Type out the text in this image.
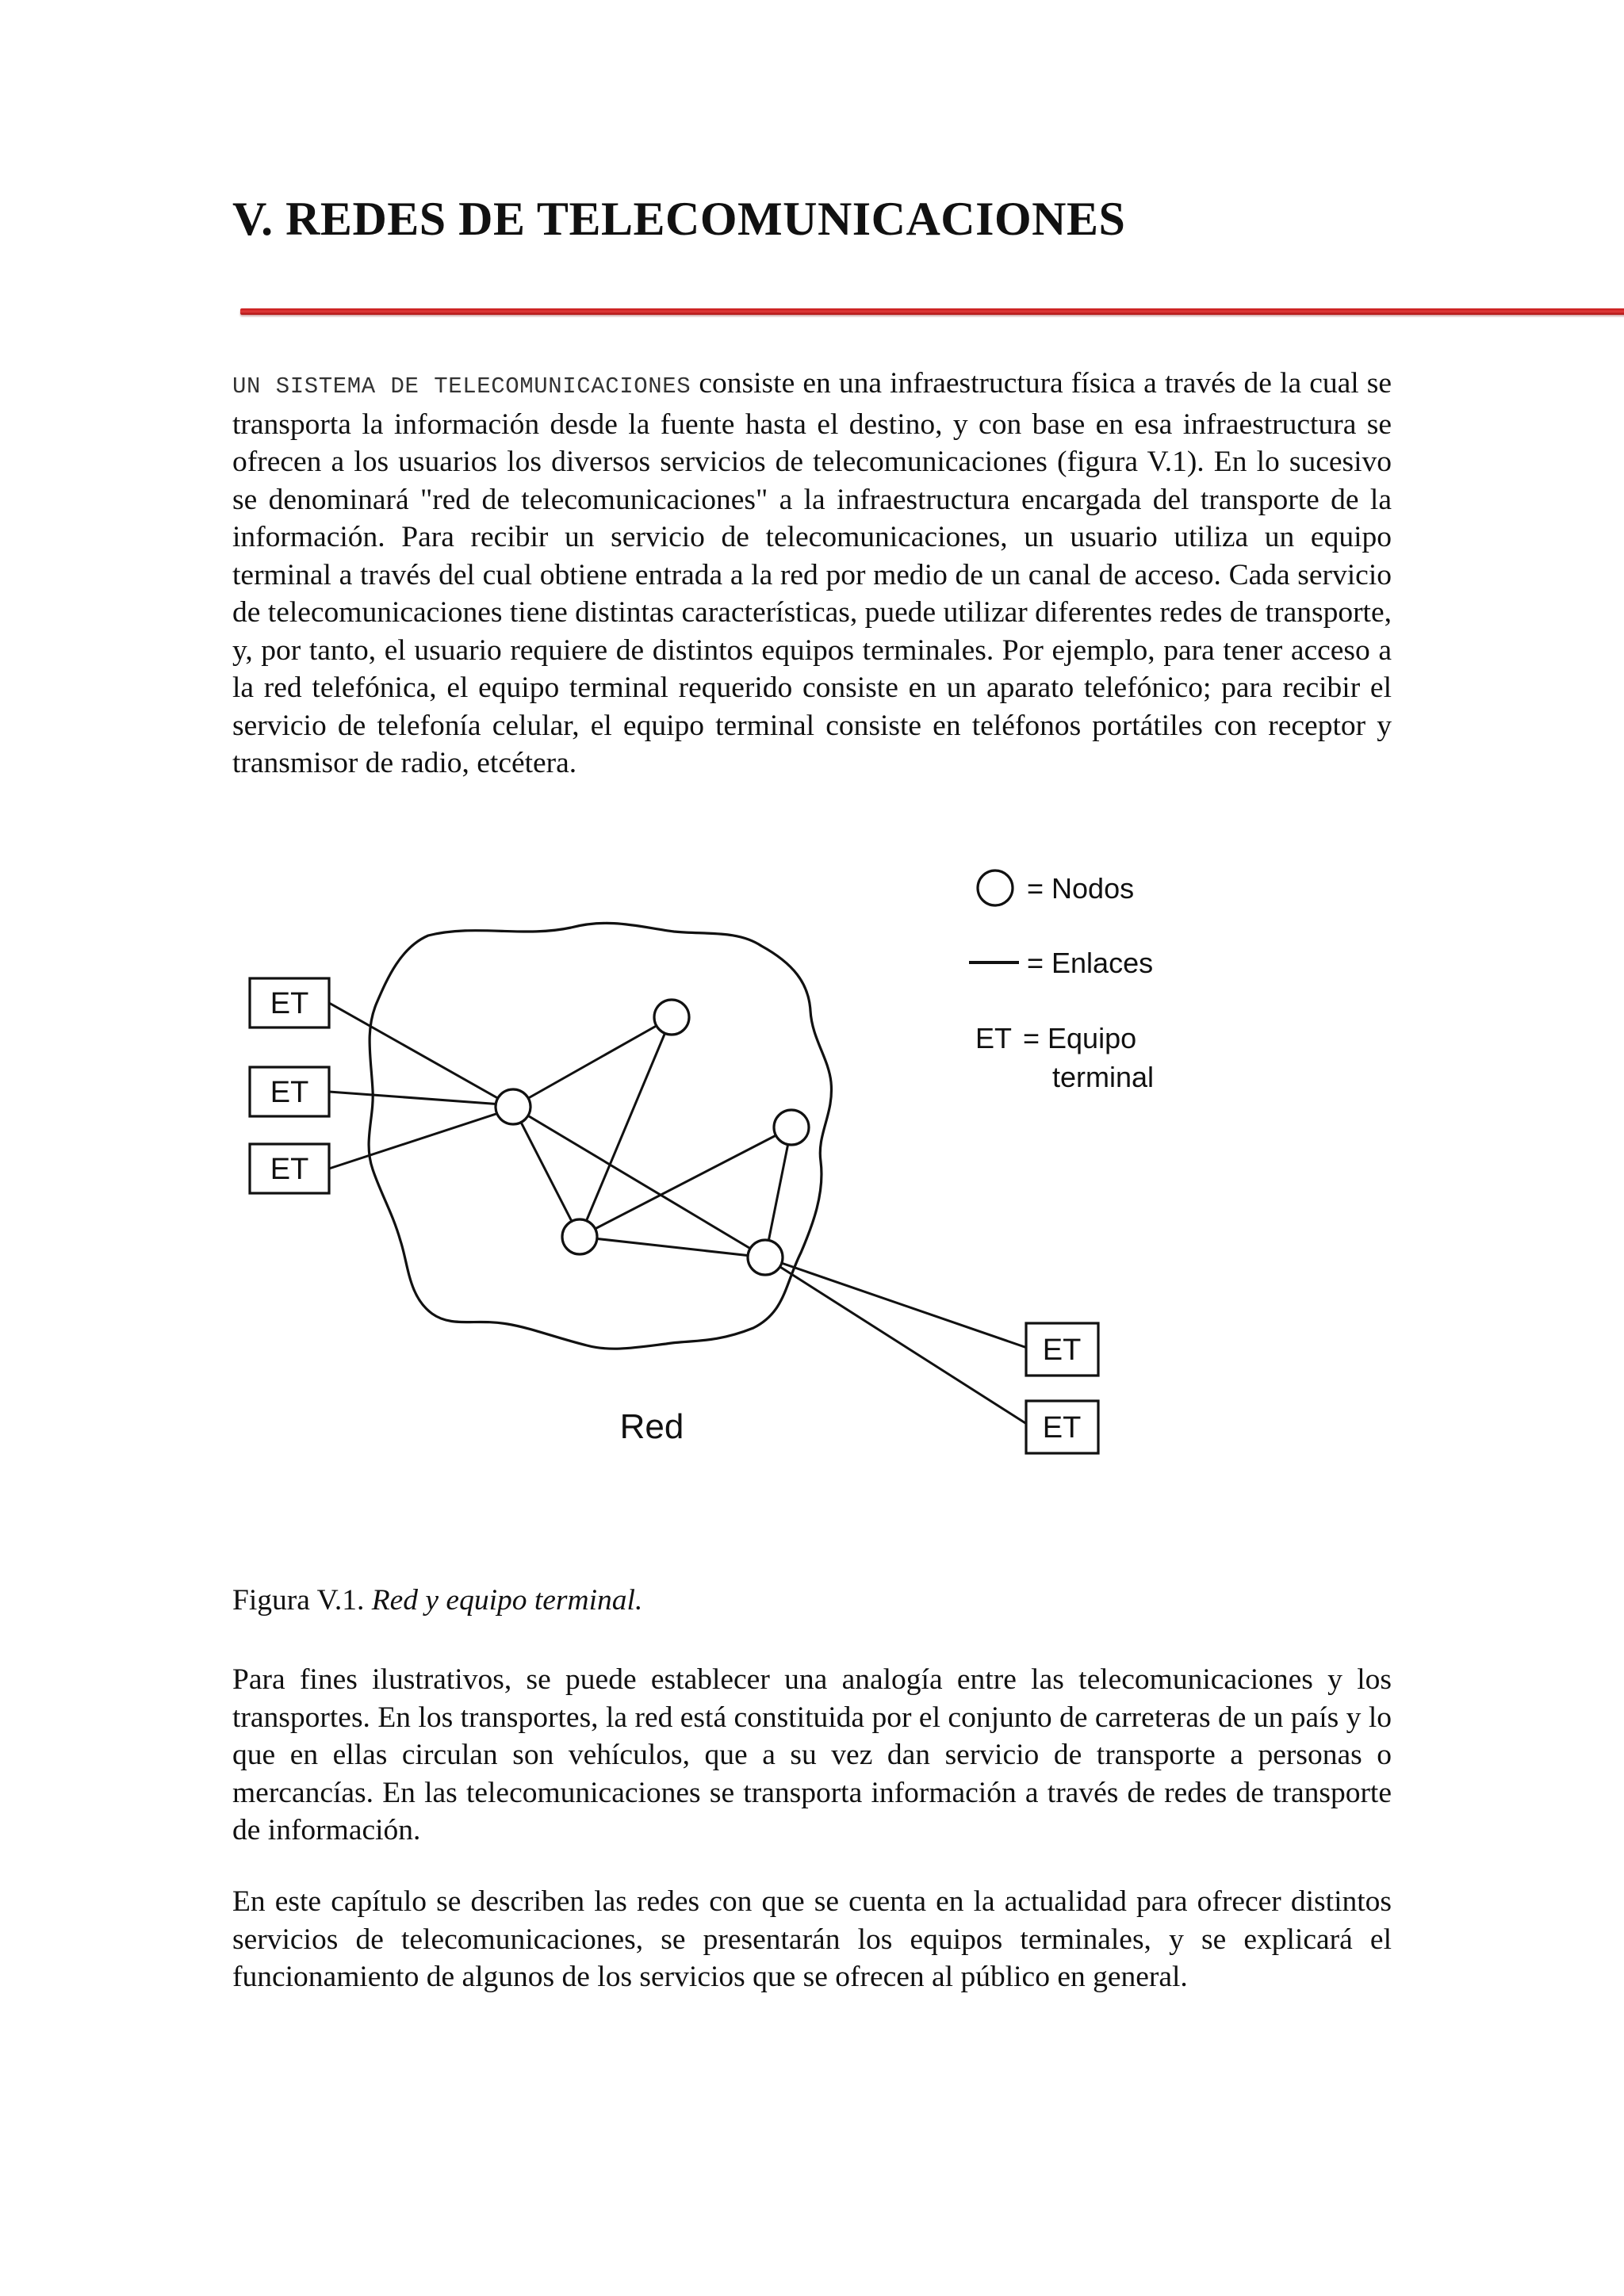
V. REDES DE TELECOMUNICACIONES

UN SISTEMA DE TELECOMUNICACIONES consiste en una infraestructura física a través de la cual se transporta la información desde la fuente hasta el destino, y con base en esa infraestructura se ofrecen a los usuarios los diversos servicios de telecomunicaciones (figura V.1). En lo sucesivo se denominará "red de telecomunicaciones" a la infraestructura encargada del transporte de la información. Para recibir un servicio de telecomunicaciones, un usuario utiliza un equipo terminal a través del cual obtiene entrada a la red por medio de un canal de acceso. Cada servicio de telecomunicaciones tiene distintas características, puede utilizar diferentes redes de transporte, y, por tanto, el usuario requiere de distintos equipos terminales. Por ejemplo, para tener acceso a la red telefónica, el equipo terminal requerido consiste en un aparato telefónico; para recibir el servicio de telefonía celular, el equipo terminal consiste en teléfonos portátiles con receptor y transmisor de radio, etcétera.

ET
ET
ET
ET
ET
Red
= Nodos
= Enlaces
ET = Equipo
terminal

Figura V.1. Red y equipo terminal.

Para fines ilustrativos, se puede establecer una analogía entre las telecomunicaciones y los transportes. En los transportes, la red está constituida por el conjunto de carreteras de un país y lo que en ellas circulan son vehículos, que a su vez dan servicio de transporte a personas o mercancías. En las telecomunicaciones se transporta información a través de redes de transporte de información.

En este capítulo se describen las redes con que se cuenta en la actualidad para ofrecer distintos servicios de telecomunicaciones, se presentarán los equipos terminales, y se explicará el funcionamiento de algunos de los servicios que se ofrecen al público en general.
